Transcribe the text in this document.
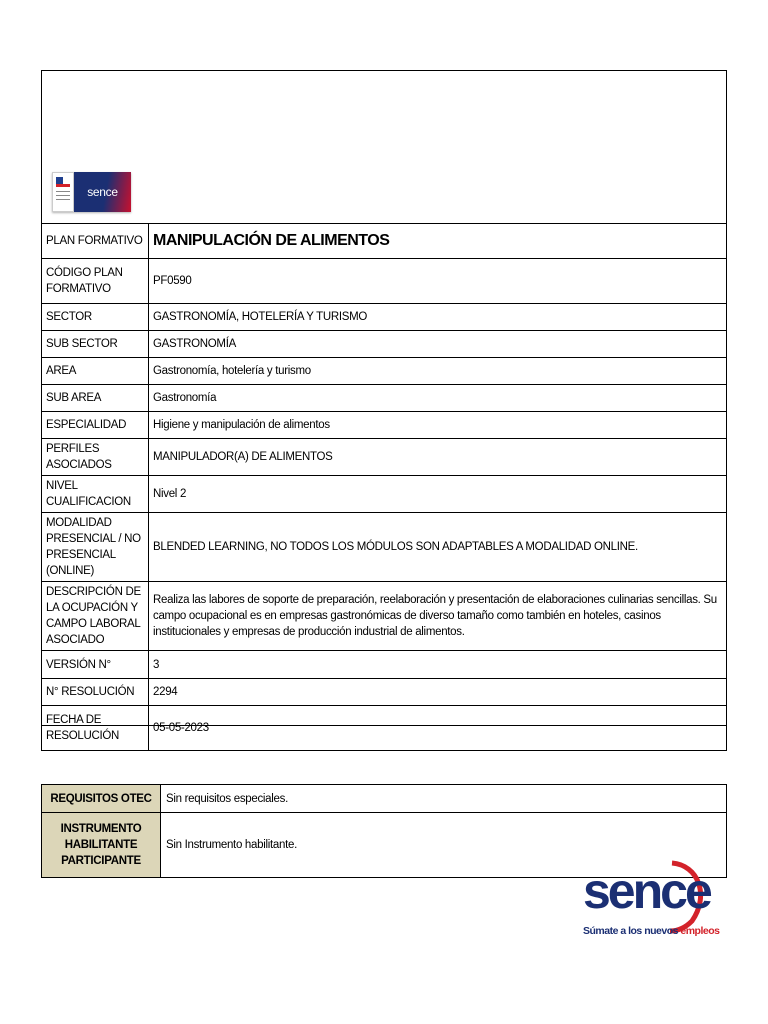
sence
PLAN FORMATIVO	MANIPULACIÓN DE ALIMENTOS
CÓDIGO PLAN FORMATIVO	PF0590
SECTOR	GASTRONOMÍA, HOTELERÍA Y TURISMO
SUB SECTOR	GASTRONOMÍA
AREA	Gastronomía, hotelería y turismo
SUB AREA	Gastronomía
ESPECIALIDAD	Higiene y manipulación de alimentos
PERFILES ASOCIADOS	MANIPULADOR(A) DE ALIMENTOS
NIVEL CUALIFICACION	Nivel 2
MODALIDAD PRESENCIAL / NO PRESENCIAL (ONLINE)	BLENDED LEARNING, NO TODOS LOS MÓDULOS SON ADAPTABLES A MODALIDAD ONLINE.
DESCRIPCIÓN DE LA OCUPACIÓN Y CAMPO LABORAL ASOCIADO	Realiza las labores de soporte de preparación, reelaboración y presentación de elaboraciones culinarias sencillas. Su campo ocupacional es en empresas gastronómicas de diverso tamaño como también en hoteles, casinos institucionales y empresas de producción industrial de alimentos.
VERSIÓN N°	3
N° RESOLUCIÓN	2294
FECHA DE RESOLUCIÓN	05-05-2023
REQUISITOS OTEC	Sin requisitos especiales.
INSTRUMENTO HABILITANTE PARTICIPANTE	Sin Instrumento habilitante.
sence
Súmate a los nuevos empleos
